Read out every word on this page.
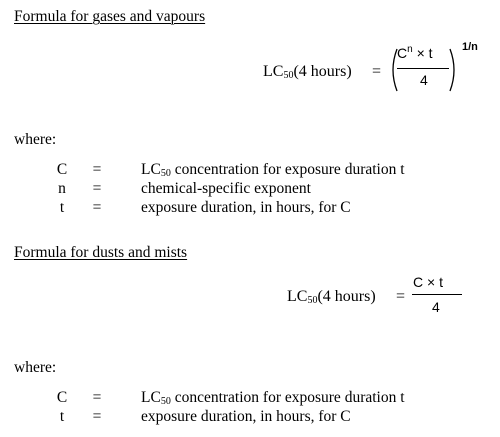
Formula for gases and vapours
LC50(4 hours) =
$C^n \times t$
4
1/n
where:
C =	LC50 concentration for exposure duration t
n =	chemical-specific exponent
t	=	exposure duration, in hours, for C
Formula for dusts and mists
LC50(4 hours) =
C × t
4
where:
C =	LC50 concentration for exposure duration t
t	=	exposure duration, in hours, for C
